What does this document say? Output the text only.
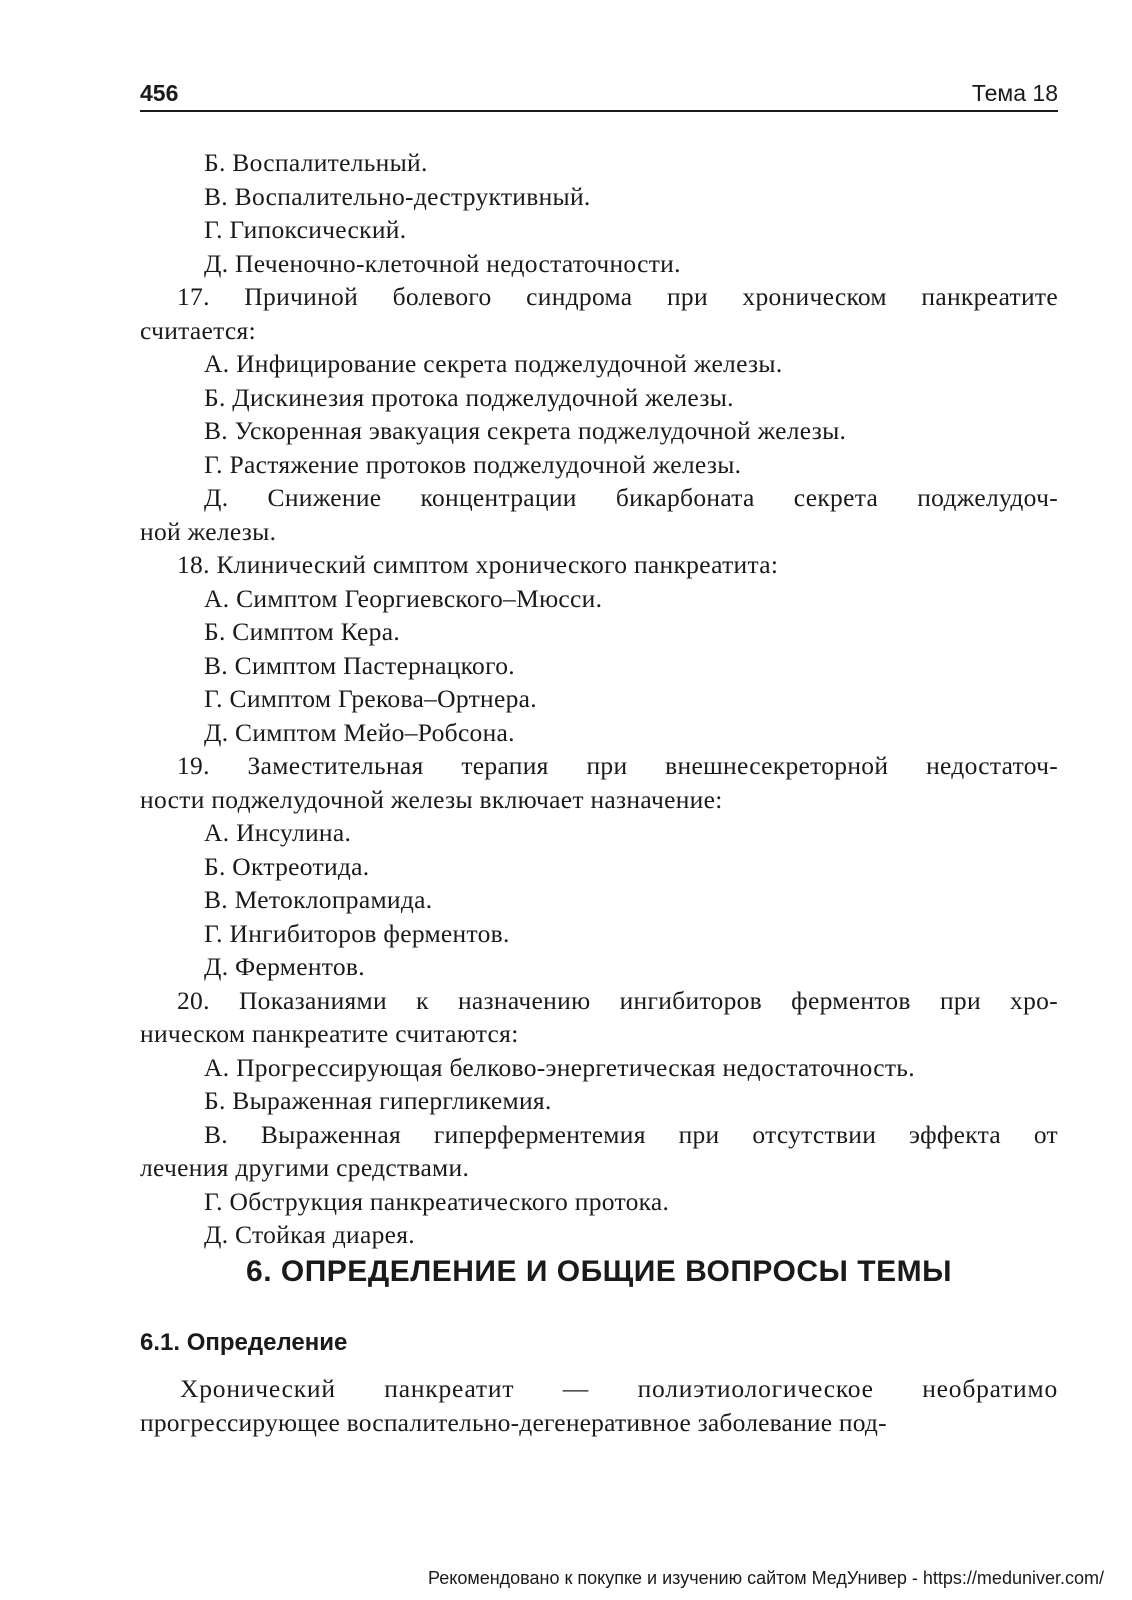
456	Тема 18
Б. Воспалительный.
В. Воспалительно-деструктивный.
Г. Гипоксический.
Д. Печеночно-клеточной недостаточности.
17. Причиной болевого синдрома при хроническом панкреатите
считается:
А. Инфицирование секрета поджелудочной железы.
Б. Дискинезия протока поджелудочной железы.
В. Ускоренная эвакуация секрета поджелудочной железы.
Г. Растяжение протоков поджелудочной железы.
Д. Снижение концентрации бикарбоната секрета поджелудоч-
ной железы.
18. Клинический симптом хронического панкреатита:
А. Симптом Георгиевского–Мюсси.
Б. Симптом Кера.
В. Симптом Пастернацкого.
Г. Симптом Грекова–Ортнера.
Д. Симптом Мейо–Робсона.
19. Заместительная терапия при внешнесекреторной недостаточ-
ности поджелудочной железы включает назначение:
А. Инсулина.
Б. Октреотида.
В. Метоклопрамида.
Г. Ингибиторов ферментов.
Д. Ферментов.
20. Показаниями к назначению ингибиторов ферментов при хро-
ническом панкреатите считаются:
А. Прогрессирующая белково-энергетическая недостаточность.
Б. Выраженная гипергликемия.
В. Выраженная гиперферментемия при отсутствии эффекта от
лечения другими средствами.
Г. Обструкция панкреатического протока.
Д. Стойкая диарея.
6. ОПРЕДЕЛЕНИЕ И ОБЩИЕ ВОПРОСЫ ТЕМЫ
6.1. Определение
Хронический панкреатит — полиэтиологическое необратимо
прогрессирующее воспалительно-дегенеративное заболевание под-
Рекомендовано к покупке и изучению сайтом МедУнивер - https://meduniver.com/
